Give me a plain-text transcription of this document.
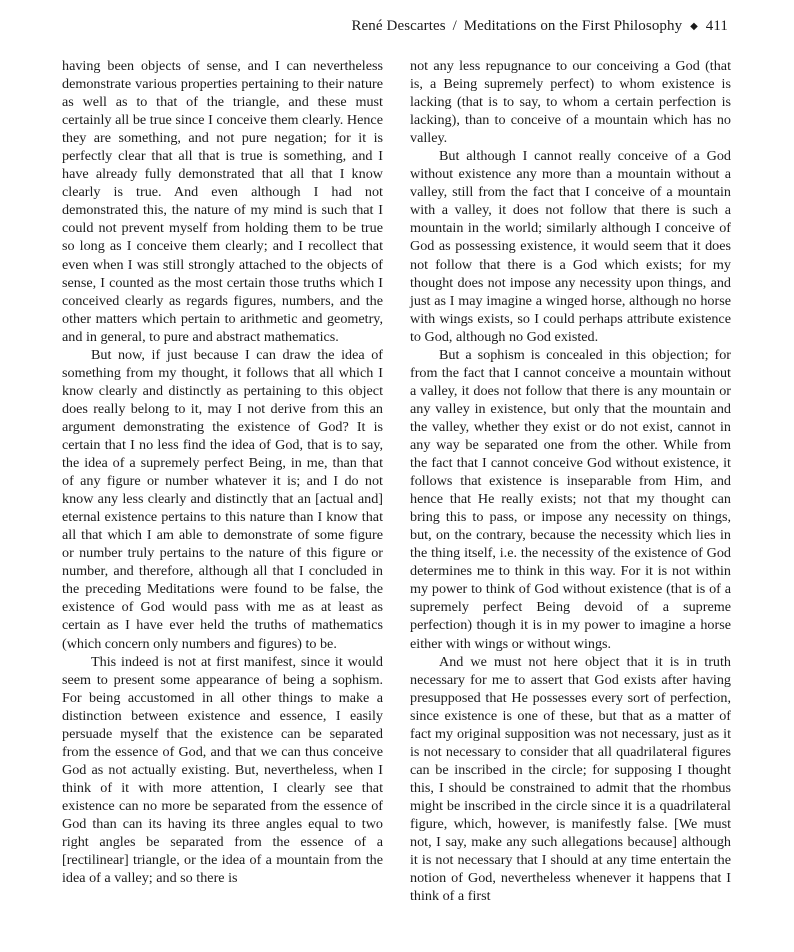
René Descartes / Meditations on the First Philosophy ◆ 411

having been objects of sense, and I can nevertheless demonstrate various properties pertaining to their nature as well as to that of the triangle, and these must certainly all be true since I conceive them clearly. Hence they are something, and not pure negation; for it is perfectly clear that all that is true is something, and I have already fully demonstrated that all that I know clearly is true. And even although I had not demonstrated this, the nature of my mind is such that I could not prevent myself from holding them to be true so long as I conceive them clearly; and I recollect that even when I was still strongly attached to the objects of sense, I counted as the most certain those truths which I conceived clearly as regards figures, numbers, and the other matters which pertain to arithmetic and geometry, and in general, to pure and abstract mathematics.

But now, if just because I can draw the idea of something from my thought, it follows that all which I know clearly and distinctly as pertaining to this object does really belong to it, may I not derive from this an argument demonstrating the existence of God? It is certain that I no less find the idea of God, that is to say, the idea of a supremely perfect Being, in me, than that of any figure or number whatever it is; and I do not know any less clearly and distinctly that an [actual and] eternal existence pertains to this nature than I know that all that which I am able to demonstrate of some figure or number truly pertains to the nature of this figure or number, and therefore, although all that I concluded in the preceding Meditations were found to be false, the existence of God would pass with me as at least as certain as I have ever held the truths of mathematics (which concern only numbers and figures) to be.

This indeed is not at first manifest, since it would seem to present some appearance of being a sophism. For being accustomed in all other things to make a distinction between existence and essence, I easily persuade myself that the existence can be separated from the essence of God, and that we can thus conceive God as not actually existing. But, nevertheless, when I think of it with more attention, I clearly see that existence can no more be separated from the essence of God than can its having its three angles equal to two right angles be separated from the essence of a [rectilinear] triangle, or the idea of a mountain from the idea of a valley; and so there is

not any less repugnance to our conceiving a God (that is, a Being supremely perfect) to whom existence is lacking (that is to say, to whom a certain perfection is lacking), than to conceive of a mountain which has no valley.

But although I cannot really conceive of a God without existence any more than a mountain without a valley, still from the fact that I conceive of a mountain with a valley, it does not follow that there is such a mountain in the world; similarly although I conceive of God as possessing existence, it would seem that it does not follow that there is a God which exists; for my thought does not impose any necessity upon things, and just as I may imagine a winged horse, although no horse with wings exists, so I could perhaps attribute existence to God, although no God existed.

But a sophism is concealed in this objection; for from the fact that I cannot conceive a mountain without a valley, it does not follow that there is any mountain or any valley in existence, but only that the mountain and the valley, whether they exist or do not exist, cannot in any way be separated one from the other. While from the fact that I cannot conceive God without existence, it follows that existence is inseparable from Him, and hence that He really exists; not that my thought can bring this to pass, or impose any necessity on things, but, on the contrary, because the necessity which lies in the thing itself, i.e. the necessity of the existence of God determines me to think in this way. For it is not within my power to think of God without existence (that is of a supremely perfect Being devoid of a supreme perfection) though it is in my power to imagine a horse either with wings or without wings.

And we must not here object that it is in truth necessary for me to assert that God exists after having presupposed that He possesses every sort of perfection, since existence is one of these, but that as a matter of fact my original supposition was not necessary, just as it is not necessary to consider that all quadrilateral figures can be inscribed in the circle; for supposing I thought this, I should be constrained to admit that the rhombus might be inscribed in the circle since it is a quadrilateral figure, which, however, is manifestly false. [We must not, I say, make any such allegations because] although it is not necessary that I should at any time entertain the notion of God, nevertheless whenever it happens that I think of a first
